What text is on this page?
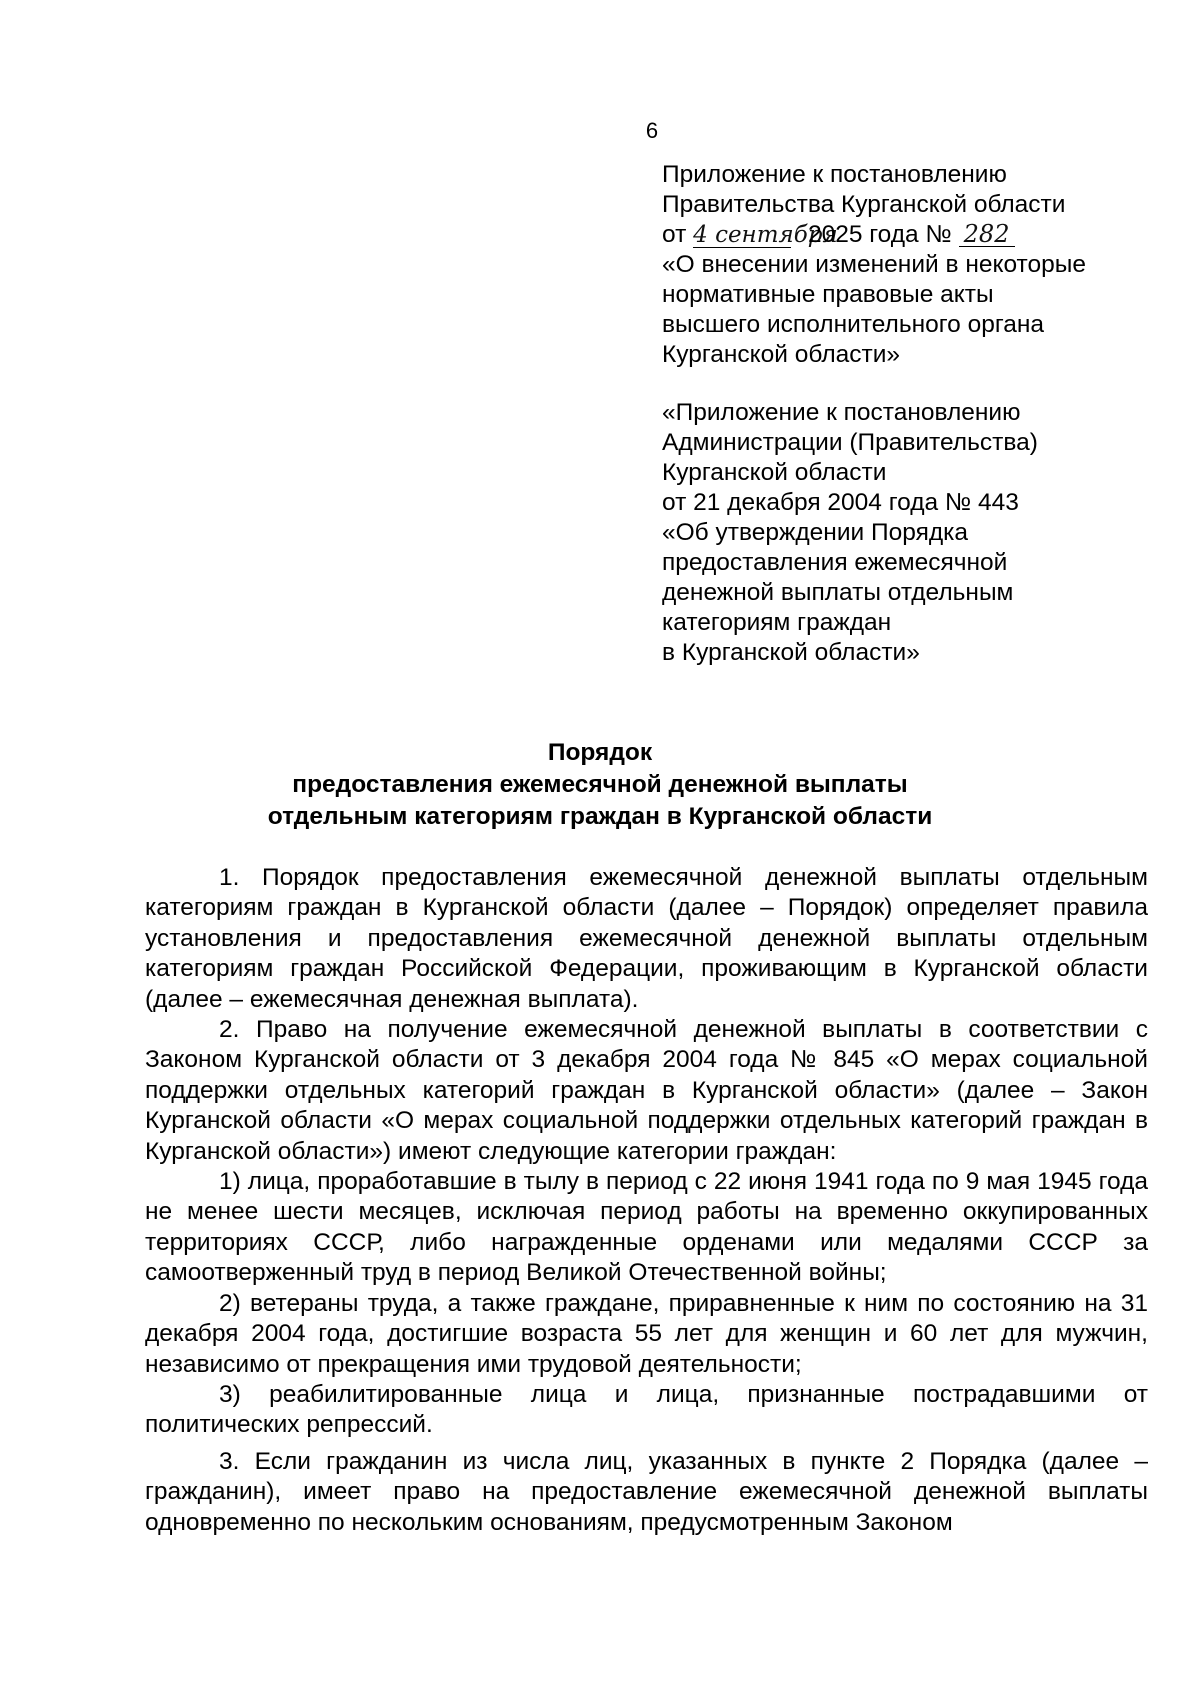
6
Приложение к постановлению
Правительства Курганской области
от 4 сентября 2025 года № 282
«О внесении изменений в некоторые
нормативные правовые акты
высшего исполнительного органа
Курганской области»
«Приложение к постановлению
Администрации (Правительства)
Курганской области
от 21 декабря 2004 года № 443
«Об утверждении Порядка
предоставления ежемесячной
денежной выплаты отдельным
категориям граждан
в Курганской области»
Порядок
предоставления ежемесячной денежной выплаты
отдельным категориям граждан в Курганской области

1. Порядок предоставления ежемесячной денежной выплаты отдельным категориям граждан в Курганской области (далее – Порядок) определяет правила установления и предоставления ежемесячной денежной выплаты отдельным категориям граждан Российской Федерации, проживающим в Курганской области (далее – ежемесячная денежная выплата).

2. Право на получение ежемесячной денежной выплаты в соответствии с Законом Курганской области от 3 декабря 2004 года № 845 «О мерах социальной поддержки отдельных категорий граждан в Курганской области» (далее – Закон Курганской области «О мерах социальной поддержки отдельных категорий граждан в Курганской области») имеют следующие категории граждан:

1) лица, проработавшие в тылу в период с 22 июня 1941 года по 9 мая 1945 года не менее шести месяцев, исключая период работы на временно оккупированных территориях СССР, либо награжденные орденами или медалями СССР за самоотверженный труд в период Великой Отечественной войны;

2) ветераны труда, а также граждане, приравненные к ним по состоянию на 31 декабря 2004 года, достигшие возраста 55 лет для женщин и 60 лет для мужчин, независимо от прекращения ими трудовой деятельности;

3) реабилитированные лица и лица, признанные пострадавшими от политических репрессий.

3. Если гражданин из числа лиц, указанных в пункте 2 Порядка (далее – гражданин), имеет право на предоставление ежемесячной денежной выплаты одновременно по нескольким основаниям, предусмотренным Законом
